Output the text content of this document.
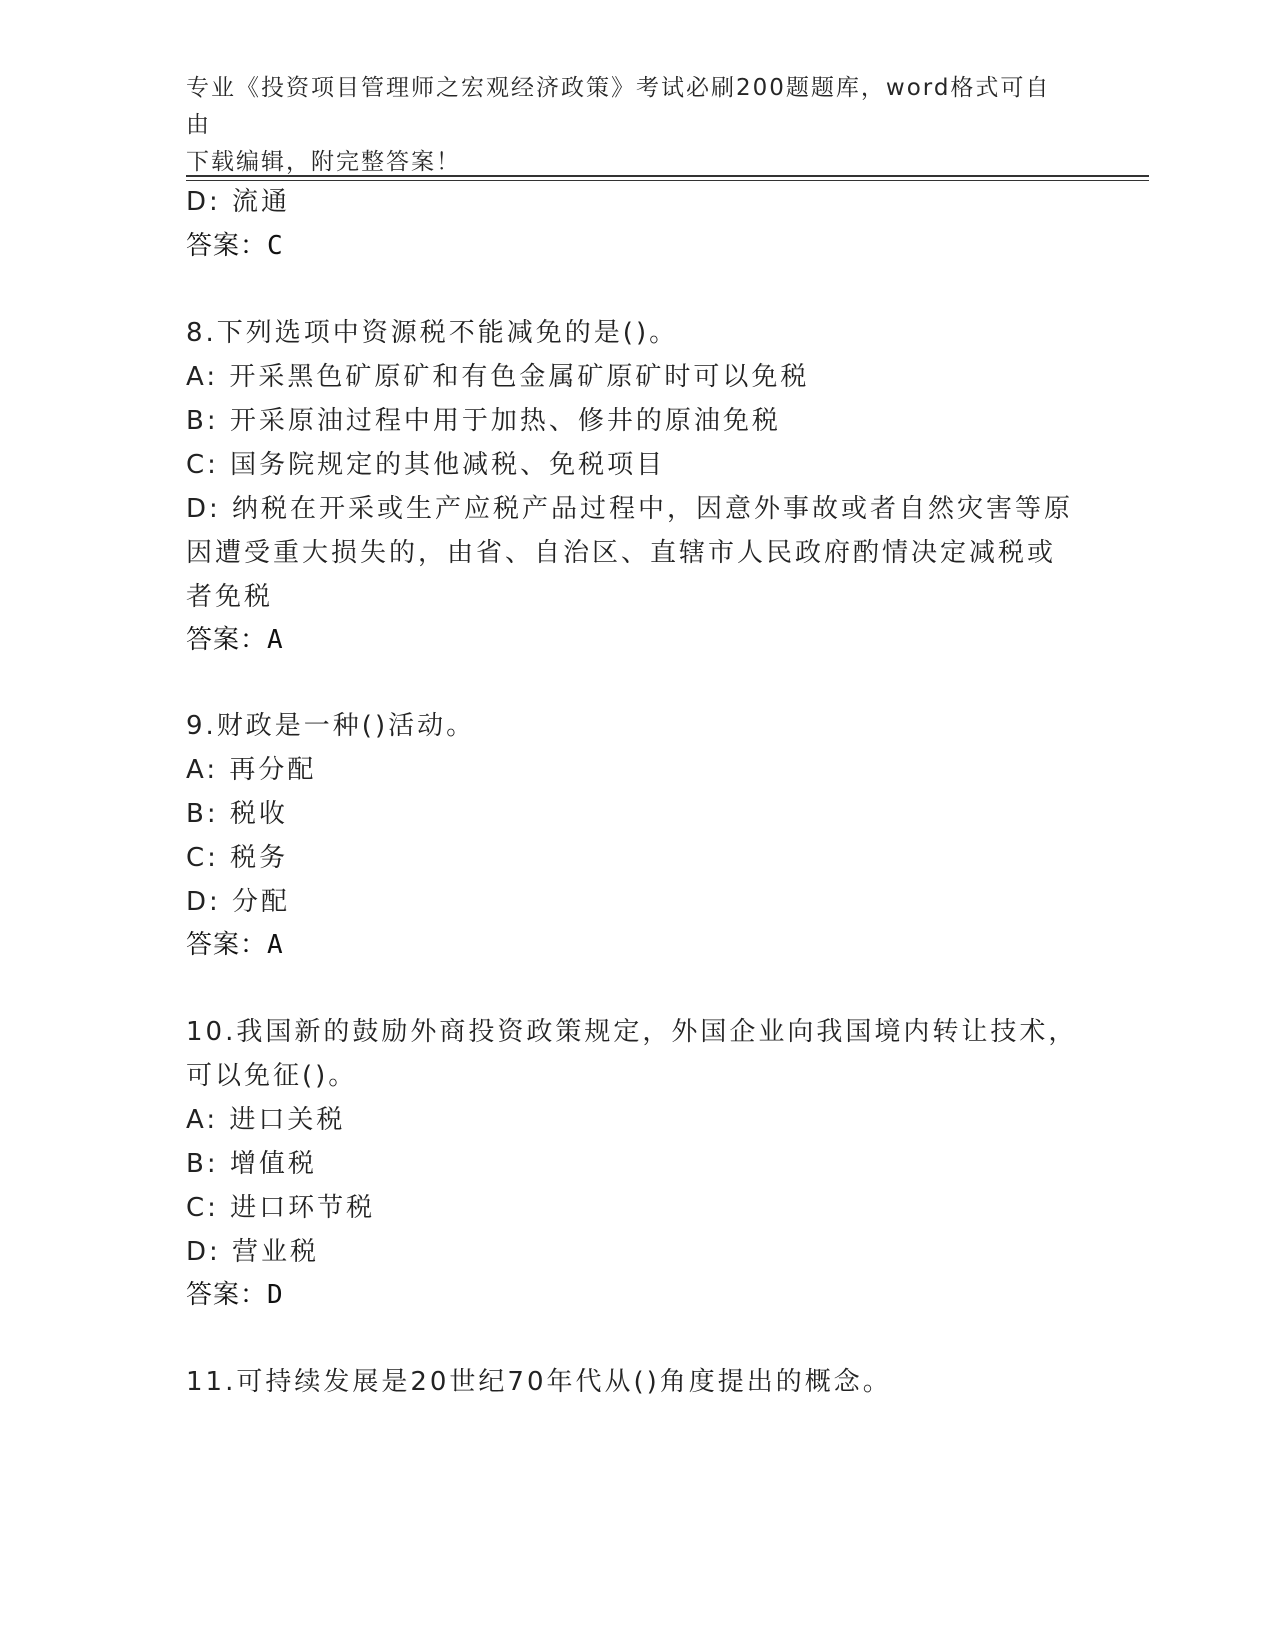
专业《投资项目管理师之宏观经济政策》考试必刷200题题库，word格式可自由
下载编辑，附完整答案！
D: 流通
答案：C
8.下列选项中资源税不能减免的是()。
A: 开采黑色矿原矿和有色金属矿原矿时可以免税
B: 开采原油过程中用于加热、修井的原油免税
C: 国务院规定的其他减税、免税项目
D: 纳税在开采或生产应税产品过程中，因意外事故或者自然灾害等原
因遭受重大损失的，由省、自治区、直辖市人民政府酌情决定减税或
者免税
答案：A
9.财政是一种()活动。
A: 再分配
B: 税收
C: 税务
D: 分配
答案：A
10.我国新的鼓励外商投资政策规定，外国企业向我国境内转让技术，
可以免征()。
A: 进口关税
B: 增值税
C: 进口环节税
D: 营业税
答案：D
11.可持续发展是20世纪70年代从()角度提出的概念。
